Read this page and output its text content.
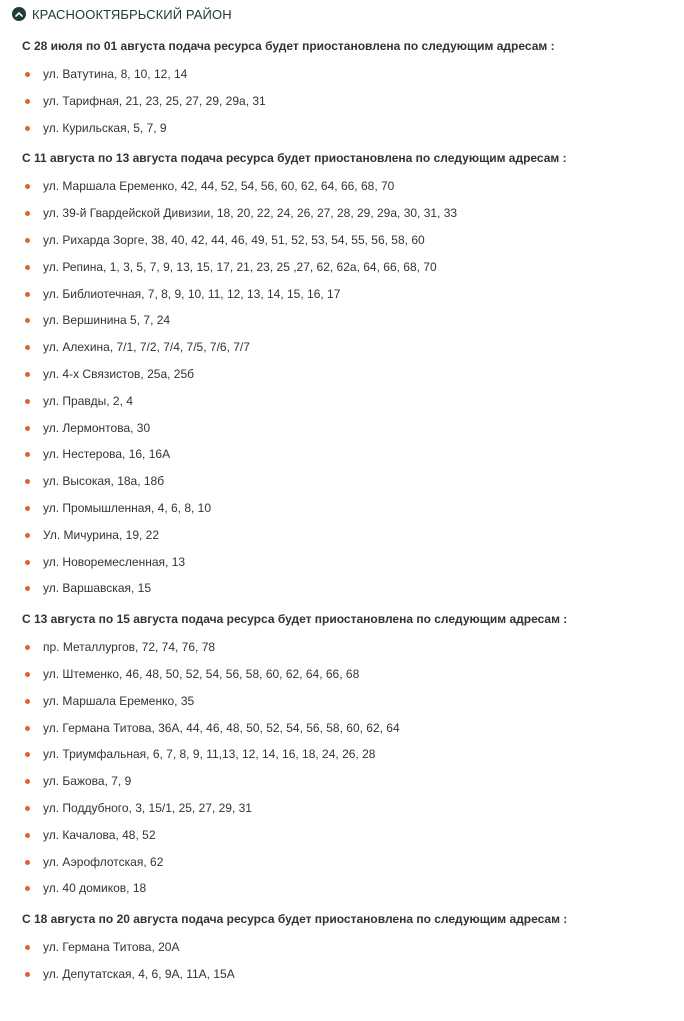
КРАСНООКТЯБРЬСКИЙ РАЙОН
С 28 июля по 01 августа подача ресурса будет приостановлена по следующим адресам :
ул. Ватутина, 8, 10, 12, 14
ул. Тарифная, 21, 23, 25, 27, 29, 29а, 31
ул. Курильская, 5, 7, 9
С 11 августа по 13 августа подача ресурса будет приостановлена по следующим адресам :
ул. Маршала Еременко, 42, 44, 52, 54, 56, 60, 62, 64, 66, 68, 70
ул. 39-й Гвардейской Дивизии, 18, 20, 22, 24, 26, 27, 28, 29, 29а, 30, 31, 33
ул. Рихарда Зорге, 38, 40, 42, 44, 46, 49, 51, 52, 53, 54, 55, 56, 58, 60
ул. Репина, 1, 3, 5, 7, 9, 13, 15, 17, 21, 23, 25 ,27, 62, 62а, 64, 66, 68, 70
ул. Библиотечная, 7, 8, 9, 10, 11, 12, 13, 14, 15, 16, 17
ул. Вершинина 5, 7, 24
ул. Алехина, 7/1, 7/2, 7/4, 7/5, 7/6, 7/7
ул. 4-х Связистов, 25а, 25б
ул. Правды, 2, 4
ул. Лермонтова, 30
ул. Нестерова, 16, 16А
ул. Высокая, 18а, 18б
ул. Промышленная, 4, 6, 8, 10
Ул. Мичурина, 19, 22
ул. Новоремесленная, 13
ул. Варшавская, 15
С 13 августа по 15 августа подача ресурса будет приостановлена по следующим адресам :
пр. Металлургов, 72, 74, 76, 78
ул. Штеменко, 46, 48, 50, 52, 54, 56, 58, 60, 62, 64, 66, 68
ул. Маршала Еременко, 35
ул. Германа Титова, 36А, 44, 46, 48, 50, 52, 54, 56, 58, 60, 62, 64
ул. Триумфальная, 6, 7, 8, 9, 11,13, 12, 14, 16, 18, 24, 26, 28
ул. Бажова, 7, 9
ул. Поддубного, 3, 15/1, 25, 27, 29, 31
ул. Качалова, 48, 52
ул. Аэрофлотская, 62
ул. 40 домиков, 18
С 18 августа по 20 августа подача ресурса будет приостановлена по следующим адресам :
ул. Германа Титова, 20А
ул. Депутатская, 4, 6, 9А, 11А, 15А
